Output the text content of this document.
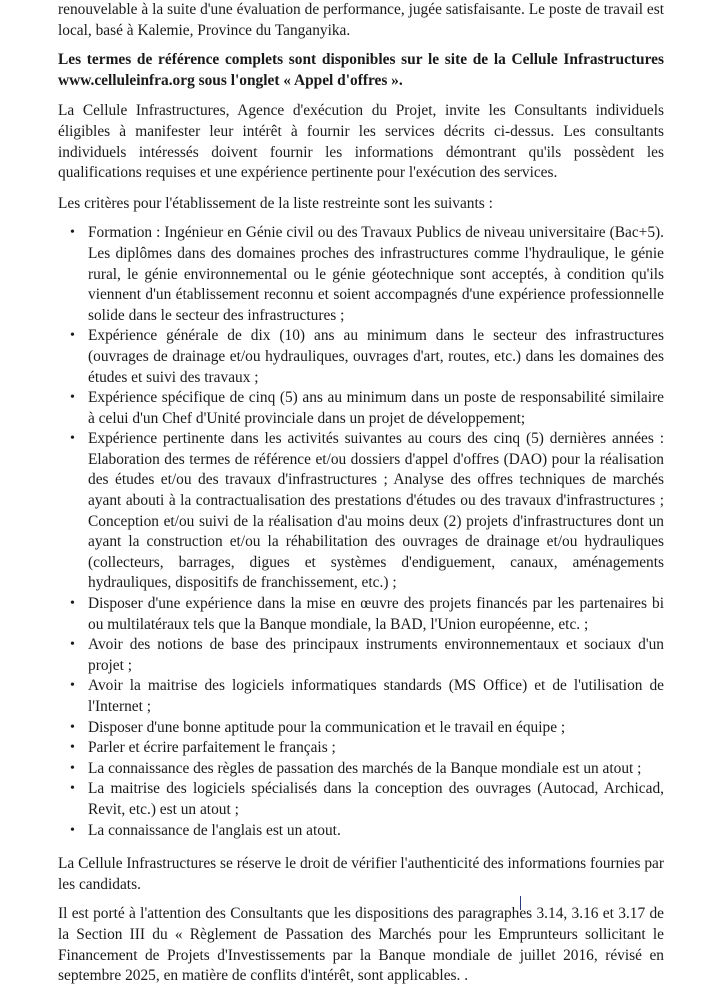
renouvelable à la suite d'une évaluation de performance, jugée satisfaisante. Le poste de travail est local, basé à Kalemie, Province du Tanganyika.

Les termes de référence complets sont disponibles sur le site de la Cellule Infrastructures www.celluleinfra.org sous l'onglet « Appel d'offres ».

La Cellule Infrastructures, Agence d'exécution du Projet, invite les Consultants individuels éligibles à manifester leur intérêt à fournir les services décrits ci-dessus. Les consultants individuels intéressés doivent fournir les informations démontrant qu'ils possèdent les qualifications requises et une expérience pertinente pour l'exécution des services.

Les critères pour l'établissement de la liste restreinte sont les suivants :

• Formation : Ingénieur en Génie civil ou des Travaux Publics de niveau universitaire (Bac+5). Les diplômes dans des domaines proches des infrastructures comme l'hydraulique, le génie rural, le génie environnemental ou le génie géotechnique sont acceptés, à condition qu'ils viennent d'un établissement reconnu et soient accompagnés d'une expérience professionnelle solide dans le secteur des infrastructures ;
• Expérience générale de dix (10) ans au minimum dans le secteur des infrastructures (ouvrages de drainage et/ou hydrauliques, ouvrages d'art, routes, etc.) dans les domaines des études et suivi des travaux ;
• Expérience spécifique de cinq (5) ans au minimum dans un poste de responsabilité similaire à celui d'un Chef d'Unité provinciale dans un projet de développement;
• Expérience pertinente dans les activités suivantes au cours des cinq (5) dernières années : Elaboration des termes de référence et/ou dossiers d'appel d'offres (DAO) pour la réalisation des études et/ou des travaux d'infrastructures ; Analyse des offres techniques de marchés ayant abouti à la contractualisation des prestations d'études ou des travaux d'infrastructures ; Conception et/ou suivi de la réalisation d'au moins deux (2) projets d'infrastructures dont un ayant la construction et/ou la réhabilitation des ouvrages de drainage et/ou hydrauliques (collecteurs, barrages, digues et systèmes d'endiguement, canaux, aménagements hydrauliques, dispositifs de franchissement, etc.) ;
• Disposer d'une expérience dans la mise en œuvre des projets financés par les partenaires bi ou multilatéraux tels que la Banque mondiale, la BAD, l'Union européenne, etc. ;
• Avoir des notions de base des principaux instruments environnementaux et sociaux d'un projet ;
• Avoir la maitrise des logiciels informatiques standards (MS Office) et de l'utilisation de l'Internet ;
• Disposer d'une bonne aptitude pour la communication et le travail en équipe ;
• Parler et écrire parfaitement le français ;
• La connaissance des règles de passation des marchés de la Banque mondiale est un atout ;
• La maitrise des logiciels spécialisés dans la conception des ouvrages (Autocad, Archicad, Revit, etc.) est un atout ;
• La connaissance de l'anglais est un atout.

La Cellule Infrastructures se réserve le droit de vérifier l'authenticité des informations fournies par les candidats.

Il est porté à l'attention des Consultants que les dispositions des paragraphes 3.14, 3.16 et 3.17 de la Section III du « Règlement de Passation des Marchés pour les Emprunteurs sollicitant le Financement de Projets d'Investissements par la Banque mondiale de juillet 2016, révisé en septembre 2025, en matière de conflits d'intérêt, sont applicables. .
